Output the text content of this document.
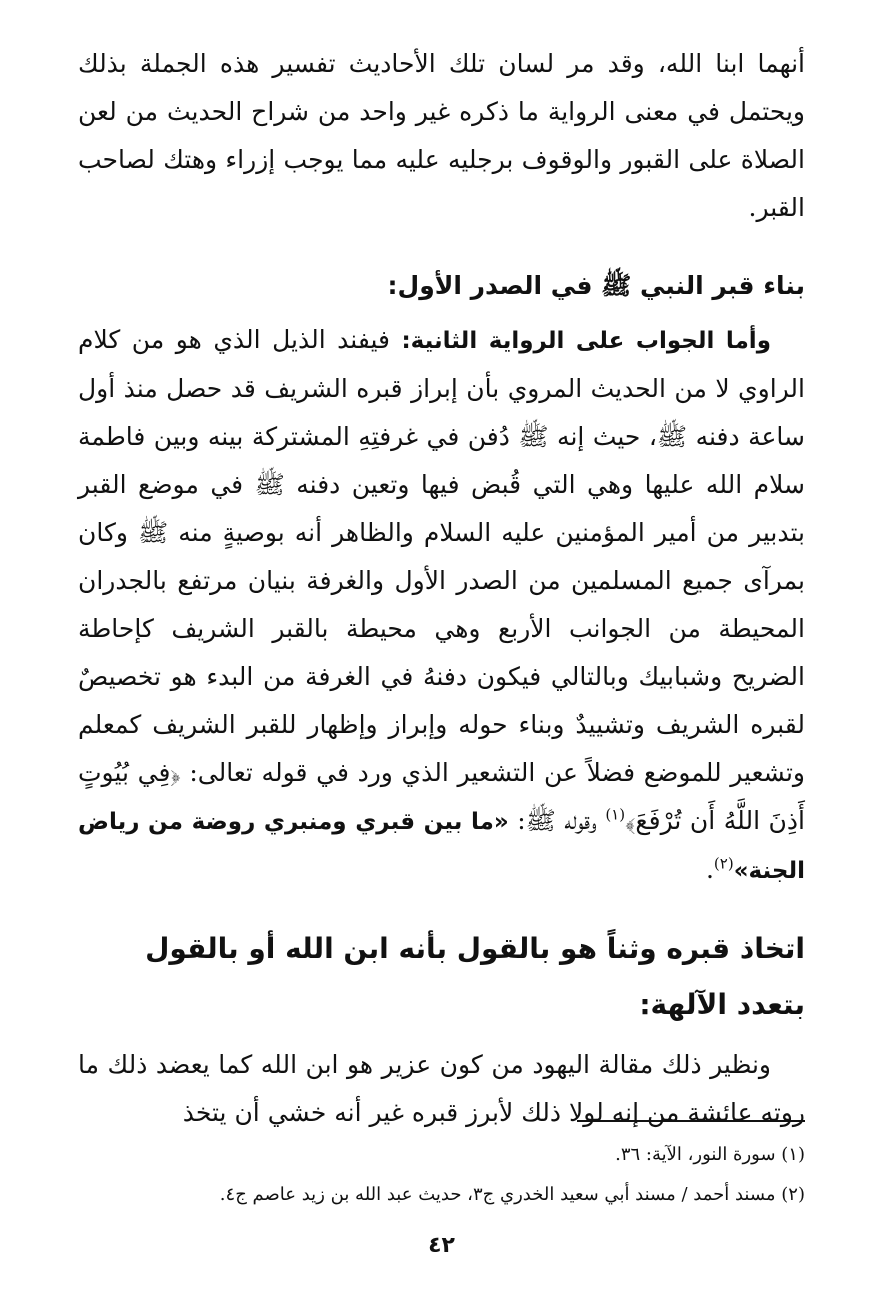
أنهما ابنا الله، وقد مر لسان تلك الأحاديث تفسير هذه الجملة بذلك ويحتمل في معنى الرواية ما ذكره غير واحد من شراح الحديث من لعن الصلاة على القبور والوقوف برجليه عليه مما يوجب إزراء وهتك لصاحب القبر.

بناء قبر النبي ﷺ في الصدر الأول:

وأما الجواب على الرواية الثانية: فيفند الذيل الذي هو من كلام الراوي لا من الحديث المروي بأن إبراز قبره الشريف قد حصل منذ أول ساعة دفنه ﷺ، حيث إنه ﷺ دُفن في غرفتِهِ المشتركة بينه وبين فاطمة سلام الله عليها وهي التي قُبض فيها وتعين دفنه ﷺ في موضع القبر بتدبير من أمير المؤمنين عليه السلام والظاهر أنه بوصيةٍ منه ﷺ وكان بمرآى جميع المسلمين من الصدر الأول والغرفة بنيان مرتفع بالجدران المحيطة من الجوانب الأربع وهي محيطة بالقبر الشريف كإحاطة الضريح وشبابيك وبالتالي فيكون دفنهُ في الغرفة من البدء هو تخصيصٌ لقبره الشريف وتشييدٌ وبناء حوله وإبراز وإظهار للقبر الشريف كمعلم وتشعير للموضع فضلاً عن التشعير الذي ورد في قوله تعالى: ﴿فِي بُيُوتٍ أَذِنَ اللَّهُ أَن تُرْفَعَ﴾$^{(١)}$ وقوله ﷺ: «ما بين قبري ومنبري روضة من رياض الجنة»$^{(٢)}$.

اتخاذ قبره وثناً هو بالقول بأنه ابن الله أو بالقول بتعدد الآلهة:

ونظير ذلك مقالة اليهود من كون عزير هو ابن الله كما يعضد ذلك ما روته عائشة من إنه لولا ذلك لأبرز قبره غير أنه خشي أن يتخذ

(١) سورة النور، الآية: ٣٦.

(٢) مسند أحمد / مسند أبي سعيد الخدري ج٣، حديث عبد الله بن زيد عاصم ج٤.

٤٢
